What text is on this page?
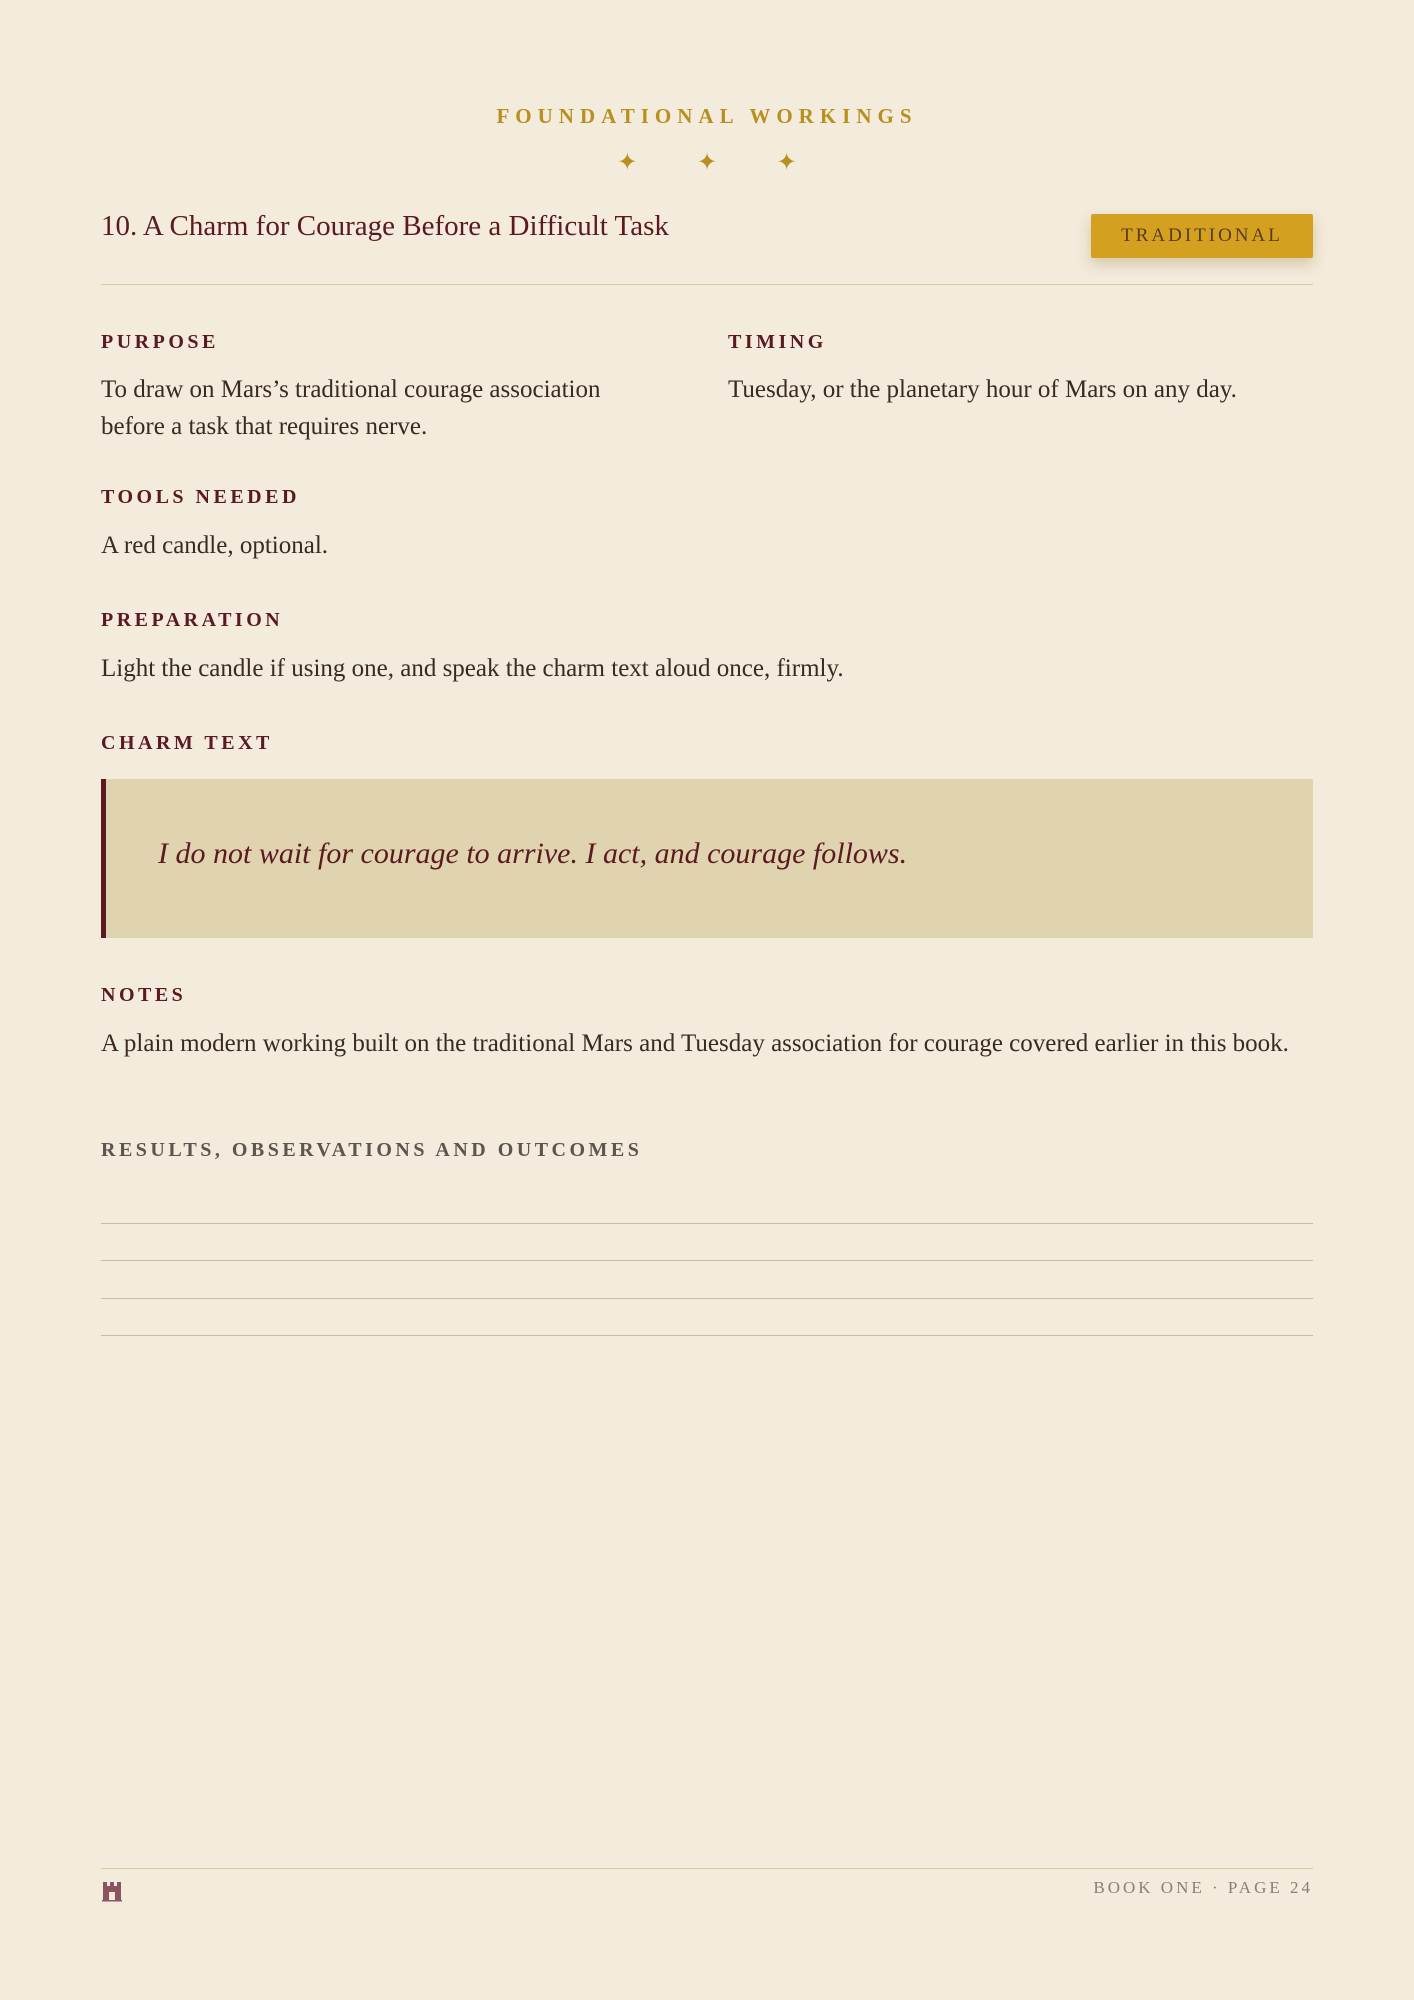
FOUNDATIONAL WORKINGS
✦ ✦ ✦
10. A Charm for Courage Before a Difficult Task	TRADITIONAL
PURPOSE
To draw on Mars’s traditional courage association before a task that requires nerve.
TIMING
Tuesday, or the planetary hour of Mars on any day.
TOOLS NEEDED
A red candle, optional.
PREPARATION
Light the candle if using one, and speak the charm text aloud once, firmly.
CHARM TEXT
I do not wait for courage to arrive. I act, and courage follows.
NOTES
A plain modern working built on the traditional Mars and Tuesday association for courage covered earlier in this book.
RESULTS, OBSERVATIONS AND OUTCOMES
BOOK ONE · PAGE 24
